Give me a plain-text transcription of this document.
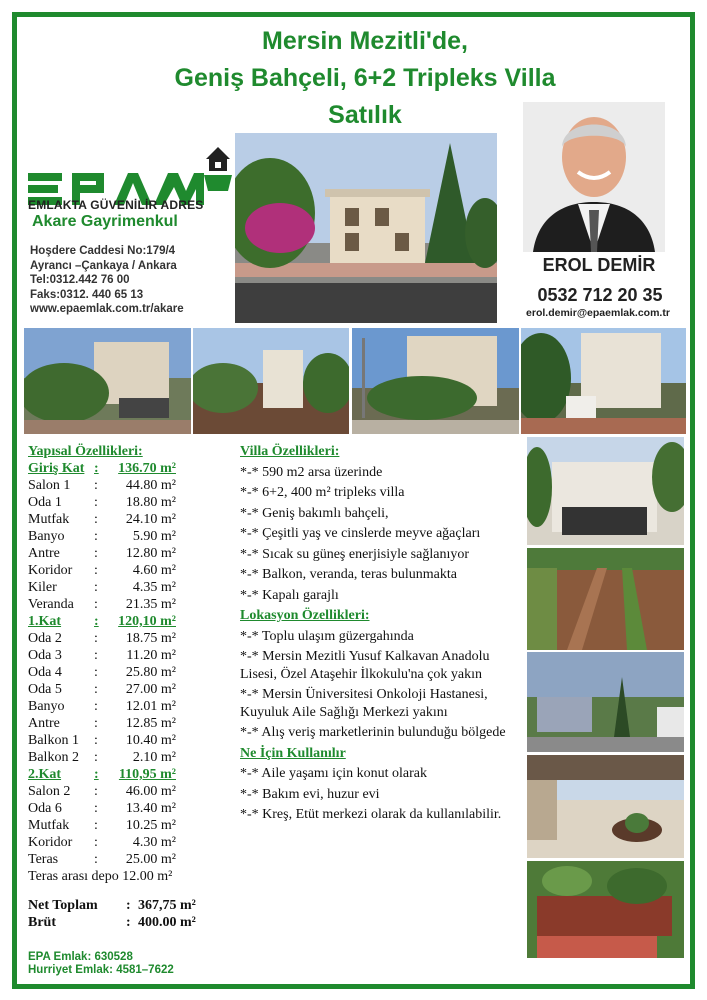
Mersin Mezitli'de,
Geniş Bahçeli, 6+2 Tripleks Villa
Satılık
EMLAKTA GÜVENİLİR ADRES
Akare Gayrimenkul
Hoşdere Caddesi No:179/4
Ayrancı –Çankaya / Ankara
Tel:0312.442 76 00
Faks:0312. 440 65 13
www.epaemlak.com.tr/akare
EROL DEMİR
0532 712 20 35
erol.demir@epaemlak.com.tr
Yapısal Özellikleri:
Giriş Kat :	136.70 m²
Salon 1	:	44.80 m²
Oda 1	:	18.80 m²
Mutfak	:	24.10 m²
Banyo	:	5.90 m²
Antre	:	12.80 m²
Koridor	:	4.60 m²
Kiler	:	4.35 m²
Veranda	:	21.35 m²
1.Kat	:	120,10 m²
Oda 2	:	18.75 m²
Oda 3	:	11.20 m²
Oda 4	:	25.80 m²
Oda 5	:	27.00 m²
Banyo	:	12.01 m²
Antre	:	12.85 m²
Balkon 1	:	10.40 m²
Balkon 2	:	2.10 m²
2.Kat	:	110,95 m²
Salon 2	:	46.00 m²
Oda 6	:	13.40 m²
Mutfak	:	10.25 m²
Koridor	:	4.30 m²
Teras	:	25.00 m²
Teras arası depo 12.00 m²
Net Toplam	: 367,75 m²
Brüt	: 400.00 m²
EPA Emlak: 630528
Hurriyet Emlak: 4581–7622
Villa Özellikleri:
*-* 590 m2 arsa üzerinde
*-* 6+2, 400 m² tripleks villa
*-* Geniş bakımlı bahçeli,
*-* Çeşitli yaş ve cinslerde meyve ağaçları
*-* Sıcak su güneş enerjisiyle sağlanıyor
*-* Balkon, veranda, teras bulunmakta
*-* Kapalı garajlı
Lokasyon Özellikleri:
*-* Toplu ulaşım güzergahında
*-* Mersin Mezitli Yusuf Kalkavan Anadolu Lisesi, Özel Ataşehir İlkokulu'na çok yakın
*-* Mersin Üniversitesi Onkoloji Hastanesi, Kuyuluk Aile Sağlığı Merkezi yakını
*-* Alış veriş marketlerinin bulunduğu bölgede
Ne İçin Kullanılır
*-* Aile yaşamı için konut olarak
*-* Bakım evi, huzur evi
*-* Kreş, Etüt merkezi olarak da kullanılabilir.
